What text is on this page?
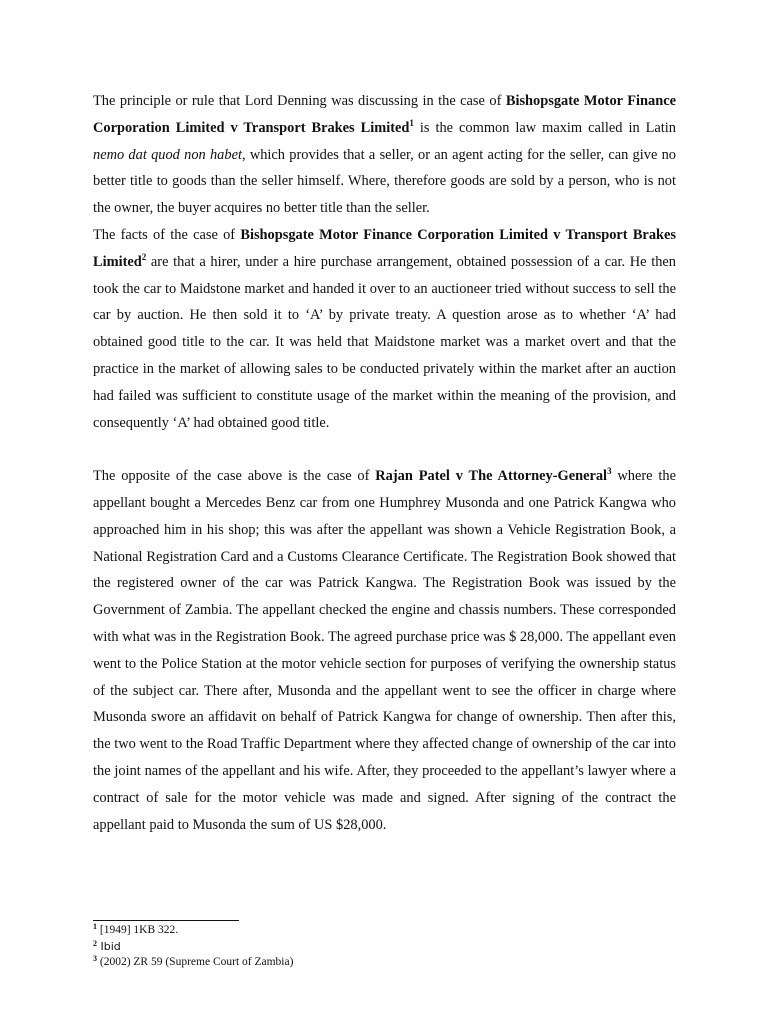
The principle or rule that Lord Denning was discussing in the case of Bishopsgate Motor Finance Corporation Limited v Transport Brakes Limited$^1$ is the common law maxim called in Latin nemo dat quod non habet, which provides that a seller, or an agent acting for the seller, can give no better title to goods than the seller himself. Where, therefore goods are sold by a person, who is not the owner, the buyer acquires no better title than the seller.

The facts of the case of Bishopsgate Motor Finance Corporation Limited v Transport Brakes Limited$^2$ are that a hirer, under a hire purchase arrangement, obtained possession of a car. He then took the car to Maidstone market and handed it over to an auctioneer tried without success to sell the car by auction. He then sold it to ‘A’ by private treaty. A question arose as to whether ‘A’ had obtained good title to the car. It was held that Maidstone market was a market overt and that the practice in the market of allowing sales to be conducted privately within the market after an auction had failed was sufficient to constitute usage of the market within the meaning of the provision, and consequently ‘A’ had obtained good title.

The opposite of the case above is the case of Rajan Patel v The Attorney-General$^3$ where the appellant bought a Mercedes Benz car from one Humphrey Musonda and one Patrick Kangwa who approached him in his shop; this was after the appellant was shown a Vehicle Registration Book, a National Registration Card and a Customs Clearance Certificate. The Registration Book showed that the registered owner of the car was Patrick Kangwa. The Registration Book was issued by the Government of Zambia. The appellant checked the engine and chassis numbers. These corresponded with what was in the Registration Book. The agreed purchase price was $ 28,000. The appellant even went to the Police Station at the motor vehicle section for purposes of verifying the ownership status of the subject car. There after, Musonda and the appellant went to see the officer in charge where Musonda swore an affidavit on behalf of Patrick Kangwa for change of ownership. Then after this, the two went to the Road Traffic Department where they affected change of ownership of the car into the joint names of the appellant and his wife. After, they proceeded to the appellant’s lawyer where a contract of sale for the motor vehicle was made and signed. After signing of the contract the appellant paid to Musonda the sum of US $28,000.

$^1$ [1949] 1KB 322.

$^2$ Ibid

$^3$ (2002) ZR 59 (Supreme Court of Zambia)
